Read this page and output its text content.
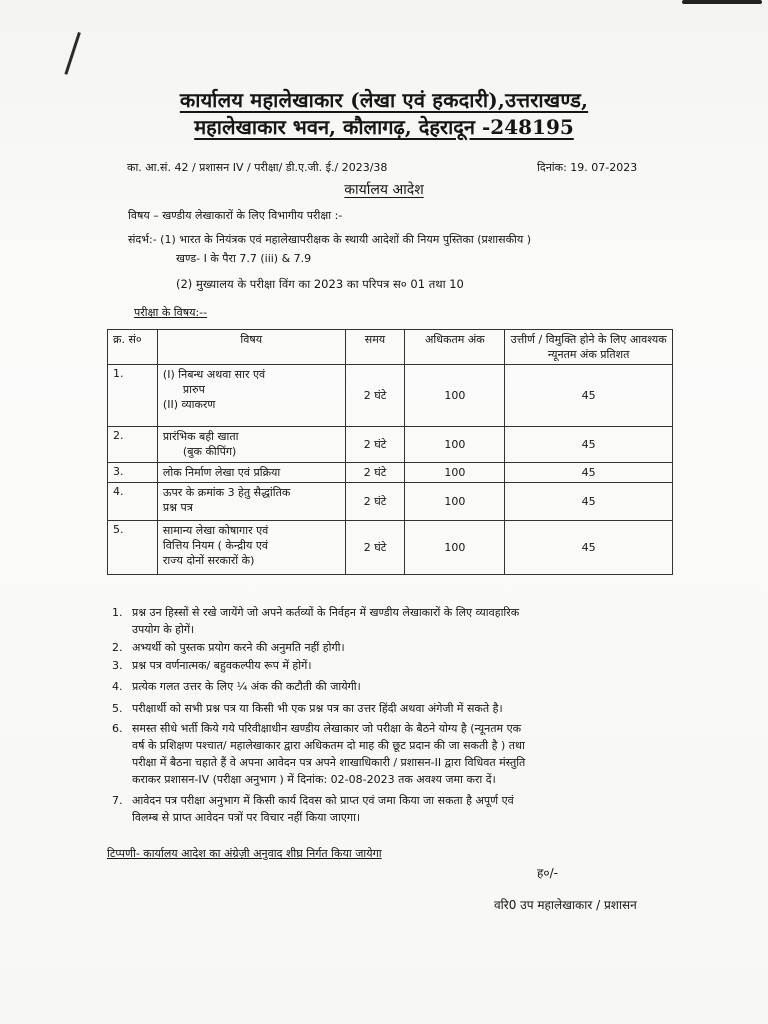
कार्यालय महालेखाकार (लेखा एवं हकदारी),उत्तराखण्ड,
महालेखाकार भवन, कौलागढ़, देहरादून -248195
का. आ.सं. 42 / प्रशासन IV / परीक्षा/ डी.ए.जी. ई./ 2023/38	दिनांक: 19. 07-2023
कार्यालय आदेश
विषय – खण्डीय लेखाकारों के लिए विभागीय परीक्षा :-
संदर्भ:- (1) भारत के नियंत्रक एवं महालेखापरीक्षक के स्थायी आदेशों की नियम पुस्तिका (प्रशासकीय )
खण्ड- I के पैरा 7.7 (iii) & 7.9
(2) मुख्यालय के परीक्षा विंग का 2023 का परिपत्र स० 01 तथा 10
परीक्षा के विषय:--
क्र. सं०	विषय	समय	अधिकतम अंक	उत्तीर्ण / विमुक्ति होने के लिए आवश्यक न्यूनतम अंक प्रतिशत
1.	(I) निबन्ध अथवा सार एवं
प्रारुप
(II) व्याकरण	2 घंटे	100	45
2.	प्रारंभिक बही खाता
(बुक कीपिंग)	2 घंटे	100	45
3.	लोक निर्माण लेखा एवं प्रक्रिया	2 घंटे	100	45
4.	ऊपर के क्रमांक 3 हेतु सैद्धांतिक
प्रश्न पत्र	2 घंटे	100	45
5.	सामान्य लेखा कोषागार एवं
वित्तिय नियम ( केन्द्रीय एवं
राज्य दोनों सरकारों के)	2 घंटे	100	45
1. प्रश्न उन हिस्सों से रखे जायेंगे जो अपने कर्तव्यों के निर्वहन में खण्डीय लेखाकारों के लिए व्यावहारिक
उपयोग के होगें।
2. अभ्यर्थी को पुस्तक प्रयोग करने की अनुमति नहीं होगी।
3. प्रश्न पत्र वर्णनात्मक/ बहुवकल्पीय रूप में होगें।
4. प्रत्येक गलत उत्तर के लिए ¼ अंक की कटौती की जायेगी।
5. परीक्षार्थी को सभी प्रश्न पत्र या किसी भी एक प्रश्न पत्र का उत्तर हिंदी अथवा अंगेजी में सकते है।
6. समस्त सीधे भर्ती किये गये परिवीक्षाधीन खण्डीय लेखाकार जो परीक्षा के बैठने योग्य है (न्यूनतम एक
वर्ष के प्रशिक्षण पश्चात/ महालेखाकार द्वारा अधिकतम दो माह की छूट प्रदान की जा सकती है ) तथा
परीक्षा में बैठना चहाते हैं वे अपना आवेदन पत्र अपने शाखाधिकारी / प्रशासन-II द्वारा विधिवत मंस्तुति
कराकर प्रशासन-IV (परीक्षा अनुभाग ) में दिनांक: 02-08-2023 तक अवश्य जमा करा दें।
7. आवेदन पत्र परीक्षा अनुभाग में किसी कार्य दिवस को प्राप्त एवं जमा किया जा सकता है अपूर्ण एवं
विलम्ब से प्राप्त आवेदन पत्रों पर विचार नहीं किया जाएगा।
टिप्पणी- कार्यालय आदेश का अंग्रेज़ी अनुवाद शीघ्र निर्गत किया जायेगा
ह०/-
वरि0 उप महालेखाकार / प्रशासन
